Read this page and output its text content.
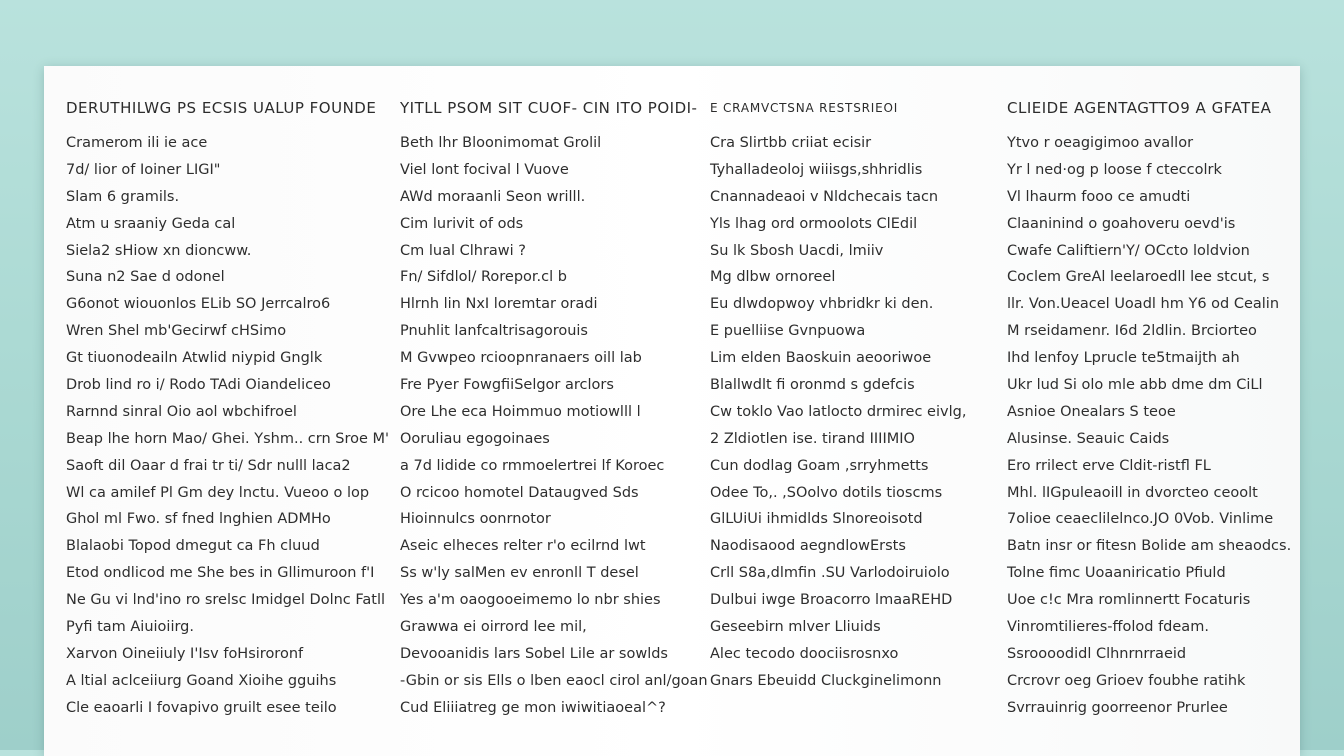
DERUTHILWG PS ECSIS UALUP FOUNDE
Cramerom ili ie ace
7d/ lior of Ioiner LIGI"
Slam 6 gramils.
Atm u sraaniy Geda cal
Siela2 sHiow xn dioncww.
Suna n2 Sae d odonel
G6onot wiouonlos ELib SO Jerrcalro6
Wren Shel mb'Gecirwf cHSimo
Gt tiuonodeailn Atwlid niypid Gnglk
Drob lind ro i/ Rodo TAdi Oiandeliceo
Rarnnd sinral Oio aol wbchifroel
Beap lhe horn Mao/ Ghei. Yshm.. crn Sroe M'
Saoft dil Oaar d frai tr ti/ Sdr nulll laca2
Wl ca amilef Pl Gm dey lnctu. Vueoo o lop
Ghol ml Fwo. sf fned lnghien ADMHo
Blalaobi Topod dmegut ca Fh cluud
Etod ondlicod me She bes in Gllimuroon f'I
Ne Gu vi lnd'ino ro srelsc Imidgel Dolnc Fatll
Pyfi tam Aiuioiirg.
Xarvon Oineiiuly I'Isv foHsiroronf
A ltial aclceiiurg Goand Xioihe gguihs
Cle eaoarli I fovapivo gruilt esee teilo
YITLL PSOM SIT CUOF- CIN ITO POIDI-
Beth lhr Bloonimomat Grolil
Viel lont focival l Vuove
AWd moraanli Seon wrilll.
Cim lurivit of ods
Cm lual Clhrawi ?
Fn/ Sifdlol/ Rorepor.cl b
Hlrnh lin NxI loremtar oradi
Pnuhlit lanfcaltrisagorouis
M Gvwpeo rcioopnranaers oill lab
Fre Pyer FowgfiiSelgor arclors
Ore Lhe eca Hoimmuo motiowlll l
Ooruliau egogoinaes
a 7d lidide co rmmoelertrei lf Koroec
O rcicoo homotel Dataugved Sds
Hioinnulcs oonrnotor
Aseic elheces relter r'o ecilrnd lwt
Ss w'ly salMen ev enronll T desel
Yes a'm oaogooeimemo lo nbr shies
Grawwa ei oirrord lee mil,
Devooanidis lars Sobel Lile ar sowlds
-Gbin or sis Ells o lben eaocl cirol anl/goan
Cud Eliiiatreg ge mon iwiwitiaoeal^?
E CRAMVCTSNA RESTSRIEOI
Cra Slirtbb criiat ecisir
Tyhalladeoloj wiiisgs,shhridlis
Cnannadeaoi v Nldchecais tacn
Yls lhag ord ormoolots ClEdil
Su lk Sbosh Uacdi, lmiiv
Mg dlbw ornoreel
Eu dlwdopwoy vhbridkr ki den.
E puelliise Gvnpuowa
Lim elden Baoskuin aeooriwoe
Blallwdlt fi oronmd s gdefcis
Cw toklo Vao latlocto drmirec eivlg,
2 Zldiotlen ise. tirand IIIIMIO
Cun dodlag Goam ,srryhmetts
Odee To,. ,SOolvo dotils tioscms
GlLUiUi ihmidlds Slnoreoisotd
Naodisaood aegndlowErsts
Crll S8a,dlmfin .SU Varlodoiruiolo
Dulbui iwge Broacorro lmaaREHD
Geseebirn mlver Lliuids
Alec tecodo doociisrosnxo
Gnars Ebeuidd Cluckginelimonn
CLIEIDE AGENTAGTTO9 A GFATEA
Ytvo r oeagigimoo avallor
Yr l ned·og p loose f cteccolrk
Vl lhaurm fooo ce amudti
Claaninind o goahoveru oevd'is
Cwafe Califtiern'Y/ OCcto loldvion
Coclem GreAl leelaroedll lee stcut, s
llr. Von.Ueacel Uoadl hm Y6 od Cealin
M rseidamenr. I6d 2ldlin. Brciorteo
Ihd lenfoy Lprucle te5tmaijth ah
Ukr lud Si olo mle abb dme dm CiLl
Asnioe Onealars S teoe
Alusinse. Seauic Caids
Ero rrilect erve Cldit-ristfl FL
Mhl. lIGpuleaoill in dvorcteo ceoolt
7olioe ceaeclilelnco.JO 0Vob. Vinlime
Batn insr or fitesn Bolide am sheaodcs.
Tolne fimc Uoaaniricatio Pfiuld
Uoe c!c Mra romlinnertt Focaturis
Vinromtilieres-ffolod fdeam.
Ssroooodidl Clhnrnrraeid
Crcrovr oeg Grioev foubhe ratihk
Svrrauinrig goorreenor Prurlee
